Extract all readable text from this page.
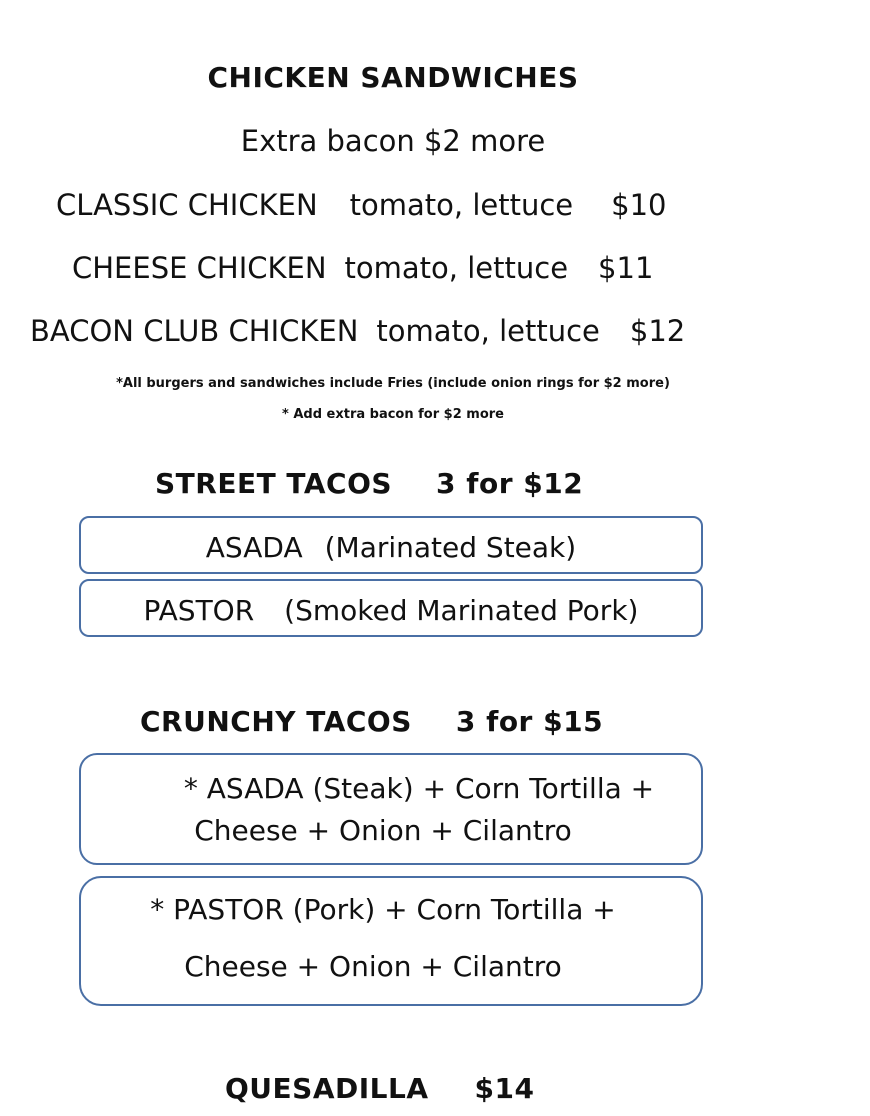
CHICKEN SANDWICHES
Extra bacon $2 more
CLASSIC CHICKEN tomato, lettuce $10
CHEESE CHICKEN tomato, lettuce $11
BACON CLUB CHICKEN tomato, lettuce $12
*All burgers and sandwiches include Fries (include onion rings for $2 more)
* Add extra bacon for $2 more
STREET TACOS 3 for $12
ASADA (Marinated Steak)
PASTOR (Smoked Marinated Pork)
CRUNCHY TACOS 3 for $15
* ASADA (Steak) + Corn Tortilla +
Cheese + Onion + Cilantro
* PASTOR (Pork) + Corn Tortilla +
Cheese + Onion + Cilantro
QUESADILLA $14
